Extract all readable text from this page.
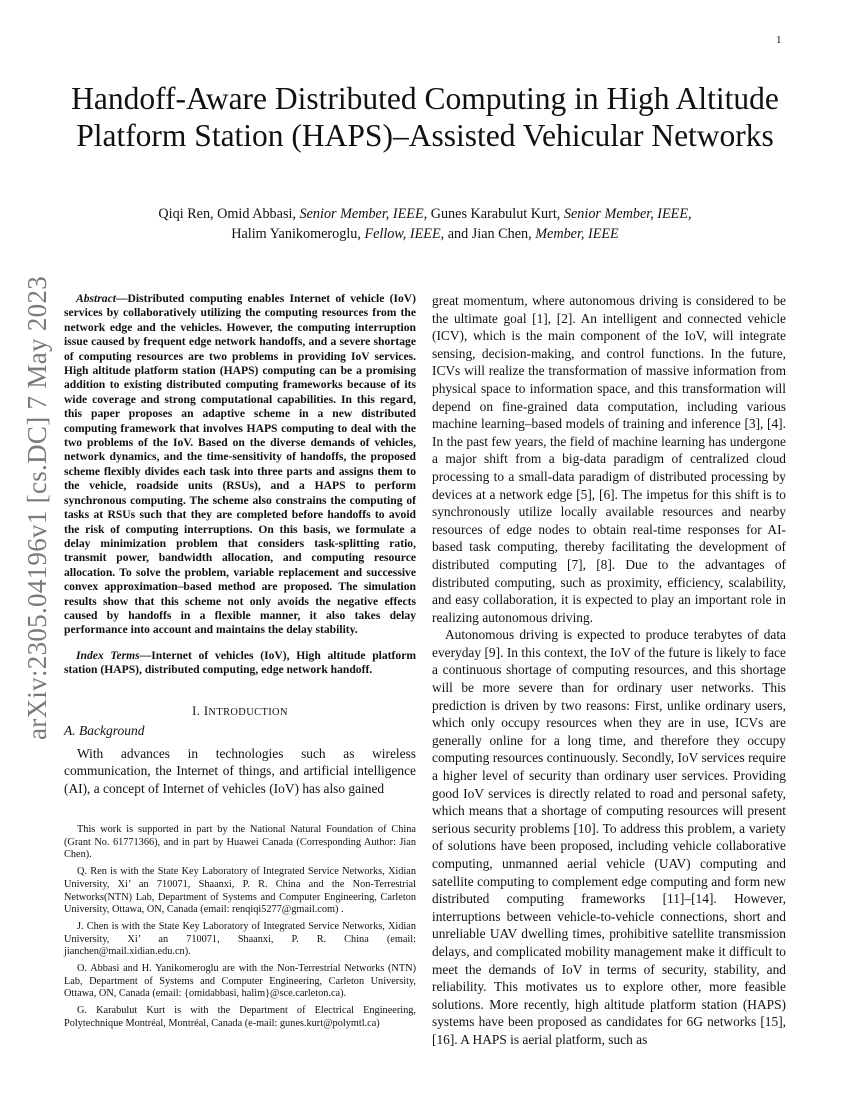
1
arXiv:2305.04196v1 [cs.DC] 7 May 2023
Handoff-Aware Distributed Computing in High Altitude Platform Station (HAPS)–Assisted Vehicular Networks
Qiqi Ren, Omid Abbasi, Senior Member, IEEE, Gunes Karabulut Kurt, Senior Member, IEEE,
Halim Yanikomeroglu, Fellow, IEEE, and Jian Chen, Member, IEEE

Abstract—Distributed computing enables Internet of vehicle (IoV) services by collaboratively utilizing the computing resources from the network edge and the vehicles. However, the computing interruption issue caused by frequent edge network handoffs, and a severe shortage of computing resources are two problems in providing IoV services. High altitude platform station (HAPS) computing can be a promising addition to existing distributed computing frameworks because of its wide coverage and strong computational capabilities. In this regard, this paper proposes an adaptive scheme in a new distributed computing framework that involves HAPS computing to deal with the two problems of the IoV. Based on the diverse demands of vehicles, network dynamics, and the time-sensitivity of handoffs, the proposed scheme flexibly divides each task into three parts and assigns them to the vehicle, roadside units (RSUs), and a HAPS to perform synchronous computing. The scheme also constrains the computing of tasks at RSUs such that they are completed before handoffs to avoid the risk of computing interruptions. On this basis, we formulate a delay minimization problem that considers task-splitting ratio, transmit power, bandwidth allocation, and computing resource allocation. To solve the problem, variable replacement and successive convex approximation–based method are proposed. The simulation results show that this scheme not only avoids the negative effects caused by handoffs in a flexible manner, it also takes delay performance into account and maintains the delay stability.

Index Terms—Internet of vehicles (IoV), High altitude platform station (HAPS), distributed computing, edge network handoff.

I. INTRODUCTION
A. Background

With advances in technologies such as wireless communication, the Internet of things, and artificial intelligence (AI), a concept of Internet of vehicles (IoV) has also gained

This work is supported in part by the National Natural Foundation of China (Grant No. 61771366), and in part by Huawei Canada (Corresponding Author: Jian Chen).

Q. Ren is with the State Key Laboratory of Integrated Service Networks, Xidian University, Xi’ an 710071, Shaanxi, P. R. China and the Non-Terrestrial Networks(NTN) Lab, Department of Systems and Computer Engineering, Carleton University, Ottawa, ON, Canada (email: renqiqi5277@gmail.com) .

J. Chen is with the State Key Laboratory of Integrated Service Networks, Xidian University, Xi’ an 710071, Shaanxi, P. R. China (email: jianchen@mail.xidian.edu.cn).

O. Abbasi and H. Yanikomeroglu are with the Non-Terrestrial Networks (NTN) Lab, Department of Systems and Computer Engineering, Carleton University, Ottawa, ON, Canada (email: {omidabbasi, halim}@sce.carleton.ca).

G. Karabulut Kurt is with the Department of Electrical Engineering, Polytechnique Montréal, Montréal, Canada (e-mail: gunes.kurt@polymtl.ca)

great momentum, where autonomous driving is considered to be the ultimate goal [1], [2]. An intelligent and connected vehicle (ICV), which is the main component of the IoV, will integrate sensing, decision-making, and control functions. In the future, ICVs will realize the transformation of massive information from physical space to information space, and this transformation will depend on fine-grained data computation, including various machine learning–based models of training and inference [3], [4]. In the past few years, the field of machine learning has undergone a major shift from a big-data paradigm of centralized cloud processing to a small-data paradigm of distributed processing by devices at a network edge [5], [6]. The impetus for this shift is to synchronously utilize locally available resources and nearby resources of edge nodes to obtain real-time responses for AI-based task computing, thereby facilitating the development of distributed computing [7], [8]. Due to the advantages of distributed computing, such as proximity, efficiency, scalability, and easy collaboration, it is expected to play an important role in realizing autonomous driving.

Autonomous driving is expected to produce terabytes of data everyday [9]. In this context, the IoV of the future is likely to face a continuous shortage of computing resources, and this shortage will be more severe than for ordinary user networks. This prediction is driven by two reasons: First, unlike ordinary users, which only occupy resources when they are in use, ICVs are generally online for a long time, and therefore they occupy computing resources continuously. Secondly, IoV services require a higher level of security than ordinary user services. Providing good IoV services is directly related to road and personal safety, which means that a shortage of computing resources will present serious security problems [10]. To address this problem, a variety of solutions have been proposed, including vehicle collaborative computing, unmanned aerial vehicle (UAV) computing and satellite computing to complement edge computing and form new distributed computing frameworks [11]–[14]. However, interruptions between vehicle-to-vehicle connections, short and unreliable UAV dwelling times, prohibitive satellite transmission delays, and complicated mobility management make it difficult to meet the demands of IoV in terms of security, stability, and reliability. This motivates us to explore other, more feasible solutions. More recently, high altitude platform station (HAPS) systems have been proposed as candidates for 6G networks [15], [16]. A HAPS is aerial platform, such as
